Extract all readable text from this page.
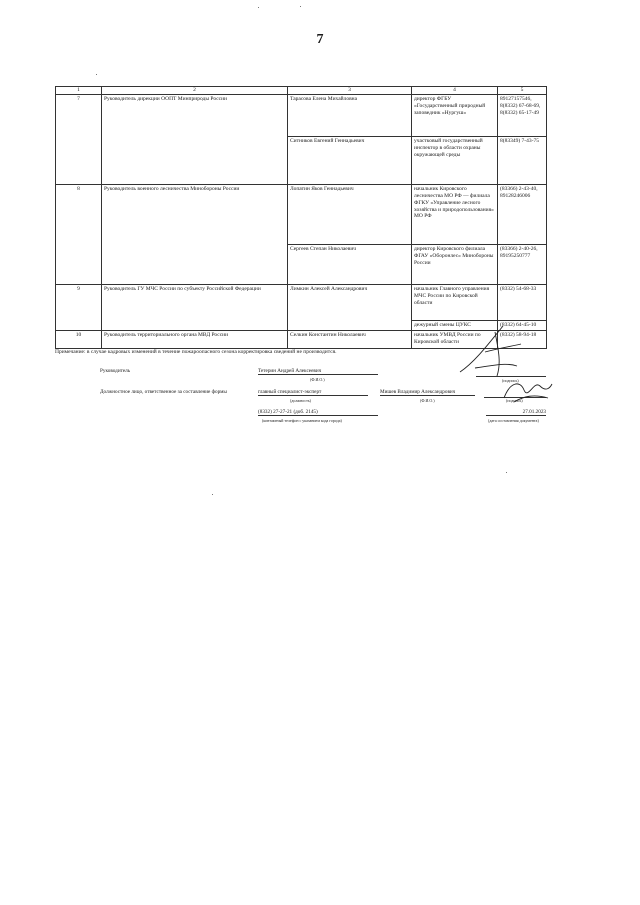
7
1	2	3	4	5
7	Руководитель дирекции ООПТ Минприроды России	Тарасова Елена Михайловна	директор ФГБУ «Государственный природный заповедник «Нургуш»	89127157546, 8(8332) 67-68-69, 8(8332) 65-17-49
		Ситников Евгений Геннадьевич	участковый государственный инспектор в области охраны окружающей среды	8(83349) 7-43-75
8	Руководитель военного лесничества Минобороны России	Лопатин Яков Геннадьевич	начальник Кировского лесничества МО РФ — филиала ФГКУ «Управление лесного хозяйства и природопользования» МО РФ	(83366) 2-43-40, 89128246006
		Сергеев Степан Николаевич	директор Кировского филиала ФГАУ «Оборонлес» Минобороны России	(83366) 2-40-26, 89195250777
9	Руководитель ГУ МЧС России по субъекту Российской Федерации	Лимкин Алексей Александрович	начальник Главного управления МЧС России по Кировской области	(8332) 54-68-33
			дежурный смены ЦУКС	(8332) 64-45-10
10	Руководитель территориального органа МВД России	Селкин Константин Николаевич	начальник УМВД России по Кировской области	(8332) 58-94-18
Примечание: в случае кадровых изменений в течение пожароопасного сезона корректировка сведений не производится.
Руководитель	Тетерин Андрей Алексеевич
(Ф.И.О.)	(подпись)
Должностное лицо, ответственное за составление формы	главный специалист-эксперт
(должность)
Мишев Владимир Александрович
(Ф.И.О.)	(подпись)
(8332) 27-27-21 (доб. 2145)
(контактный телефон с указанием кода города)
27.01.2023
(дата составления документа)
